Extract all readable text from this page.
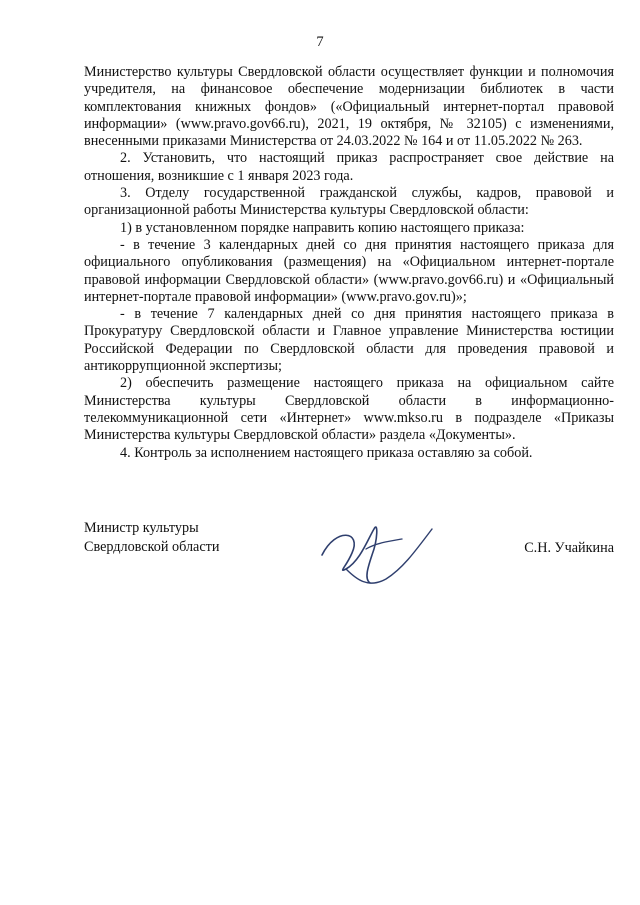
7

Министерство культуры Свердловской области осуществляет функции и полномочия учредителя, на финансовое обеспечение модернизации библиотек в части комплектования книжных фондов» («Официальный интернет-портал правовой информации» (www.pravo.gov66.ru), 2021, 19 октября, № 32105) с изменениями, внесенными приказами Министерства от 24.03.2022 № 164 и от 11.05.2022 № 263.

2. Установить, что настоящий приказ распространяет свое действие на отношения, возникшие с 1 января 2023 года.

3. Отделу государственной гражданской службы, кадров, правовой и организационной работы Министерства культуры Свердловской области:

1) в установленном порядке направить копию настоящего приказа:

- в течение 3 календарных дней со дня принятия настоящего приказа для официального опубликования (размещения) на «Официальном интернет-портале правовой информации Свердловской области» (www.pravo.gov66.ru) и «Официальный интернет-портале правовой информации» (www.pravo.gov.ru)»;

- в течение 7 календарных дней со дня принятия настоящего приказа в Прокуратуру Свердловской области и Главное управление Министерства юстиции Российской Федерации по Свердловской области для проведения правовой и антикоррупционной экспертизы;

2) обеспечить размещение настоящего приказа на официальном сайте Министерства культуры Свердловской области в информационно-телекоммуникационной сети «Интернет» www.mkso.ru в подразделе «Приказы Министерства культуры Свердловской области» раздела «Документы».

4. Контроль за исполнением настоящего приказа оставляю за собой.

Министр культуры
Свердловской области	С.Н. Учайкина
